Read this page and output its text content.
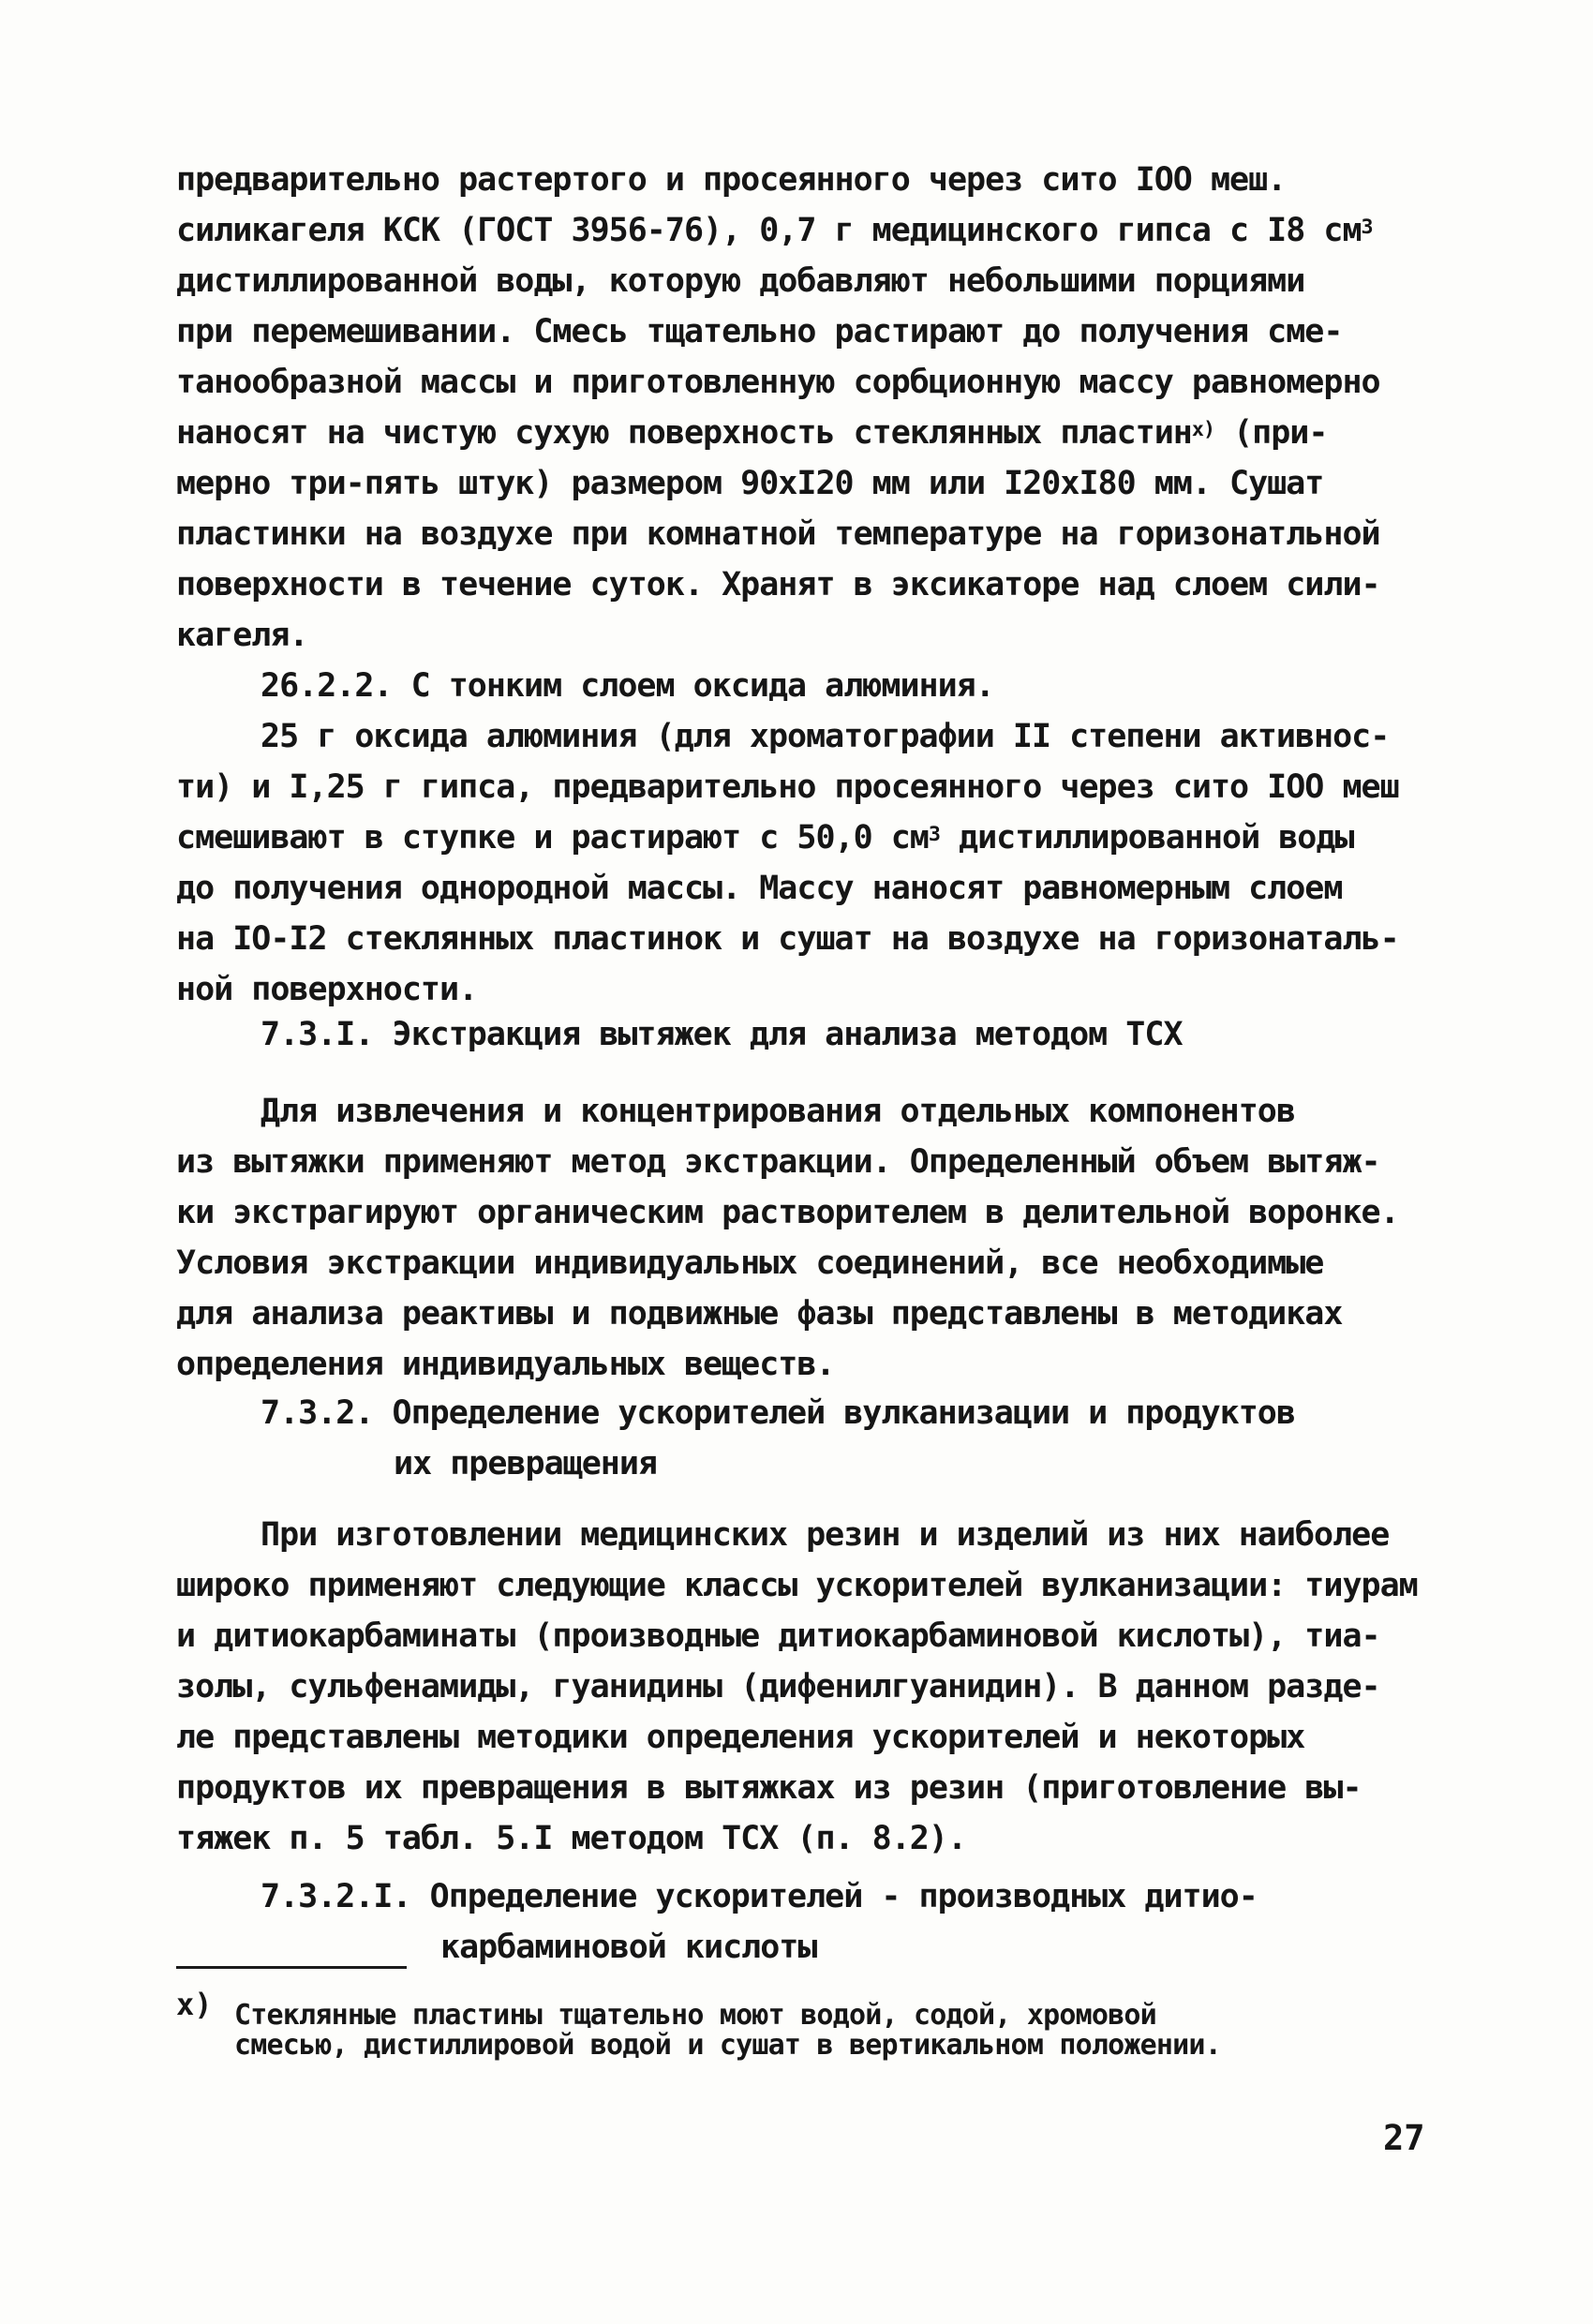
предварительно растертого и просеянного через сито IОО меш.
силикагеля КСК (ГОСТ 3956-76), 0,7 г медицинского гипса с I8 $см^3$
дистиллированной воды, которую добавляют небольшими порциями
при перемешивании. Смесь тщательно растирают до получения сме-
танообразной массы и приготовленную сорбционную массу равномерно
наносят на чистую сухую поверхность стеклянных пластин$^{х)}$ (при-
мерно три-пять штук) размером 90хI20 мм или I20хI80 мм. Сушат
пластинки на воздухе при комнатной температуре на горизонатльной
поверхности в течение суток. Хранят в эксикаторе над слоем сили-
кагеля.
26.2.2. С тонким слоем оксида алюминия.
25 г оксида алюминия (для хроматографии II степени активнос-
ти) и I,25 г гипса, предварительно просеянного через сито IОО меш
смешивают в ступке и растирают с 50,0 $см^3$ дистиллированной воды
до получения однородной массы. Массу наносят равномерным слоем
на IО-I2 стеклянных пластинок и сушат на воздухе на горизонаталь-
ной поверхности.
7.3.I. Экстракция вытяжек для анализа методом ТСХ
Для извлечения и концентрирования отдельных компонентов
из вытяжки применяют метод экстракции. Определенный объем вытяж-
ки экстрагируют органическим растворителем в делительной воронке.
Условия экстракции индивидуальных соединений, все необходимые
для анализа реактивы и подвижные фазы представлены в методиках
определения индивидуальных веществ.
7.3.2. Определение ускорителей вулканизации и продуктов
их превращения
При изготовлении медицинских резин и изделий из них наиболее
широко применяют следующие классы ускорителей вулканизации: тиурам
и дитиокарбаминаты (производные дитиокарбаминовой кислоты), тиа-
золы, сульфенамиды, гуанидины (дифенилгуанидин). В данном разде-
ле представлены методики определения ускорителей и некоторых
продуктов их превращения в вытяжках из резин (приготовление вы-
тяжек п. 5 табл. 5.I методом ТСХ (п. 8.2).
7.3.2.I. Определение ускорителей - производных дитио-
карбаминовой кислоты
х) Стеклянные пластины тщательно моют водой, содой, хромовой
смесью, дистиллировой водой и сушат в вертикальном положении.
27
